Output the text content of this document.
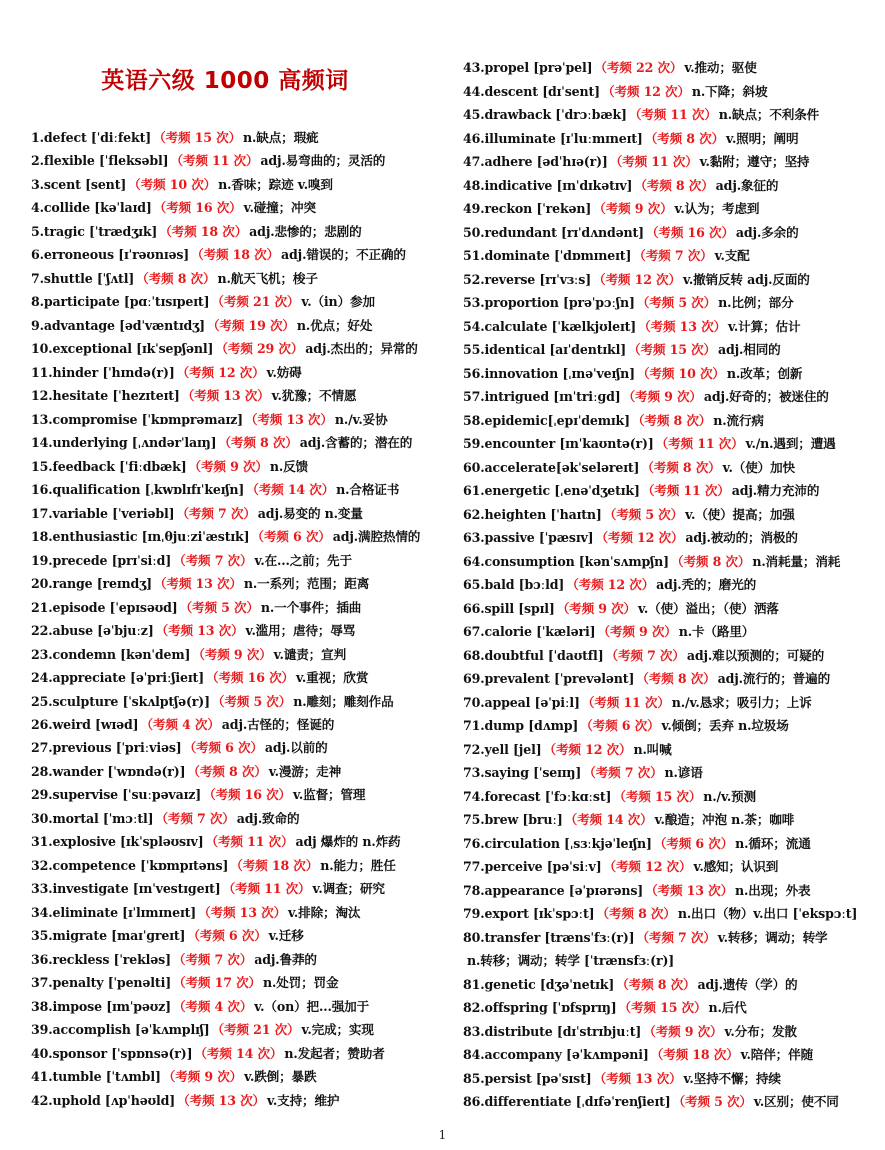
英语六级 1000 高频词
1.defect [ˈdiːfekt] （考频 15 次） n.缺点；瑕疵
2.flexible [ˈfleksəbl] （考频 11 次） adj.易弯曲的；灵活的
3.scent [sent] （考频 10 次） n.香味；踪迹 v.嗅到
4.collide [kəˈlaɪd] （考频 16 次） v.碰撞；冲突
5.tragic [ˈtrædʒɪk] （考频 18 次） adj.悲惨的；悲剧的
6.erroneous [ɪˈrəʊnɪəs] （考频 18 次） adj.错误的；不正确的
7.shuttle [ˈʃʌtl] （考频 8 次） n.航天飞机；梭子
8.participate [pɑːˈtɪsɪpeɪt] （考频 21 次） v.（in）参加
9.advantage [ədˈvæntɪdʒ] （考频 19 次） n.优点；好处
10.exceptional [ɪkˈsepʃənl] （考频 29 次） adj.杰出的；异常的
11.hinder [ˈhɪndə(r)] （考频 12 次） v.妨碍
12.hesitate [ˈhezɪteɪt] （考频 13 次） v.犹豫；不情愿
13.compromise [ˈkɒmprəmaɪz] （考频 13 次） n./v.妥协
14.underlying [ˌʌndərˈlaɪŋ] （考频 8 次） adj.含蓄的；潜在的
15.feedback [ˈfiːdbæk] （考频 9 次） n.反馈
16.qualification [ˌkwɒlɪfɪˈkeɪʃn] （考频 14 次） n.合格证书
17.variable [ˈveriəbl] （考频 7 次） adj.易变的 n.变量
18.enthusiastic [ɪnˌθjuːziˈæstɪk] （考频 6 次） adj.满腔热情的
19.precede [prɪˈsiːd] （考频 7 次） v.在...之前；先于
20.range [reɪndʒ] （考频 13 次） n.一系列；范围；距离
21.episode [ˈepɪsəʊd] （考频 5 次） n.一个事件；插曲
22.abuse [əˈbjuːz] （考频 13 次） v.滥用；虐待；辱骂
23.condemn [kənˈdem] （考频 9 次） v.谴责；宣判
24.appreciate [əˈpriːʃieɪt] （考频 16 次） v.重视；欣赏
25.sculpture [ˈskʌlptʃə(r)] （考频 5 次） n.雕刻；雕刻作品
26.weird [wɪəd] （考频 4 次） adj.古怪的；怪诞的
27.previous [ˈpriːviəs] （考频 6 次） adj.以前的
28.wander [ˈwɒndə(r)] （考频 8 次） v.漫游；走神
29.supervise [ˈsuːpəvaɪz] （考频 16 次） v.监督；管理
30.mortal [ˈmɔːtl] （考频 7 次） adj.致命的
31.explosive [ɪkˈspləʊsɪv] （考频 11 次） adj 爆炸的 n.炸药
32.competence [ˈkɒmpɪtəns] （考频 18 次） n.能力；胜任
33.investigate [ɪnˈvestɪɡeɪt] （考频 11 次） v.调查；研究
34.eliminate [ɪˈlɪmɪneɪt] （考频 13 次） v.排除；淘汰
35.migrate [maɪˈɡreɪt] （考频 6 次） v.迁移
36.reckless [ˈrekləs] （考频 7 次） adj.鲁莽的
37.penalty [ˈpenəlti] （考频 17 次） n.处罚；罚金
38.impose [ɪmˈpəʊz] （考频 4 次） v.（on）把...强加于
39.accomplish [əˈkʌmplɪʃ] （考频 21 次） v.完成；实现
40.sponsor [ˈspɒnsə(r)] （考频 14 次） n.发起者；赞助者
41.tumble [ˈtʌmbl] （考频 9 次） v.跌倒；暴跌
42.uphold [ʌpˈhəʊld] （考频 13 次） v.支持；维护
43.propel [prəˈpel] （考频 22 次） v.推动；驱使
44.descent [dɪˈsent] （考频 12 次） n.下降；斜坡
45.drawback [ˈdrɔːbæk] （考频 11 次） n.缺点；不利条件
46.illuminate [ɪˈluːmɪneɪt] （考频 8 次） v.照明；阐明
47.adhere [ədˈhɪə(r)] （考频 11 次） v.黏附；遵守；坚持
48.indicative [ɪnˈdɪkətɪv] （考频 8 次） adj.象征的
49.reckon [ˈrekən] （考频 9 次） v.认为；考虑到
50.redundant [rɪˈdʌndənt] （考频 16 次） adj.多余的
51.dominate [ˈdɒmɪneɪt] （考频 7 次） v.支配
52.reverse [rɪˈvɜːs] （考频 12 次） v.撤销反转 adj.反面的
53.proportion [prəˈpɔːʃn] （考频 5 次） n.比例；部分
54.calculate [ˈkælkjʊleɪt] （考频 13 次） v.计算；估计
55.identical [aɪˈdentɪkl] （考频 15 次） adj.相同的
56.innovation [ˌɪnəˈveɪʃn] （考频 10 次） n.改革；创新
57.intrigued [ɪnˈtriːɡd] （考频 9 次） adj.好奇的；被迷住的
58.epidemic[ˌepɪˈdemɪk] （考频 8 次） n.流行病
59.encounter [ɪnˈkaʊntə(r)] （考频 11 次） v./n.遇到；遭遇
60.accelerate[əkˈseləreɪt] （考频 8 次） v.（使）加快
61.energetic [ˌenəˈdʒetɪk] （考频 11 次） adj.精力充沛的
62.heighten [ˈhaɪtn] （考频 5 次） v.（使）提高；加强
63.passive [ˈpæsɪv] （考频 12 次） adj.被动的；消极的
64.consumption [kənˈsʌmpʃn] （考频 8 次） n.消耗量；消耗
65.bald [bɔːld] （考频 12 次） adj.秃的；磨光的
66.spill [spɪl] （考频 9 次） v.（使）溢出；（使）洒落
67.calorie [ˈkæləri] （考频 9 次） n.卡（路里）
68.doubtful [ˈdaʊtfl] （考频 7 次） adj.难以预测的；可疑的
69.prevalent [ˈprevələnt] （考频 8 次） adj.流行的；普遍的
70.appeal [əˈpiːl] （考频 11 次） n./v.恳求；吸引力；上诉
71.dump [dʌmp] （考频 6 次） v.倾倒；丢弃 n.垃圾场
72.yell [jel] （考频 12 次） n.叫喊
73.saying [ˈseɪɪŋ] （考频 7 次） n.谚语
74.forecast [ˈfɔːkɑːst] （考频 15 次） n./v.预测
75.brew [bruː] （考频 14 次） v.酿造；冲泡 n.茶；咖啡
76.circulation [ˌsɜːkjəˈleɪʃn] （考频 6 次） n.循环；流通
77.perceive [pəˈsiːv] （考频 12 次） v.感知；认识到
78.appearance [əˈpɪərəns] （考频 13 次） n.出现；外表
79.export [ɪkˈspɔːt] （考频 8 次） n.出口（物）v.出口 [ˈekspɔːt]
80.transfer [trænsˈfɜː(r)] （考频 7 次） v.转移；调动；转学
n.转移；调动；转学 [ˈtrænsfɜː(r)]
81.genetic [dʒəˈnetɪk] （考频 8 次） adj.遗传（学）的
82.offspring [ˈɒfsprɪŋ] （考频 15 次） n.后代
83.distribute [dɪˈstrɪbjuːt] （考频 9 次） v.分布；发散
84.accompany [əˈkʌmpəni] （考频 18 次） v.陪伴；伴随
85.persist [pəˈsɪst] （考频 13 次） v.坚持不懈；持续
86.differentiate [ˌdɪfəˈrenʃieɪt] （考频 5 次） v.区别；使不同
1
